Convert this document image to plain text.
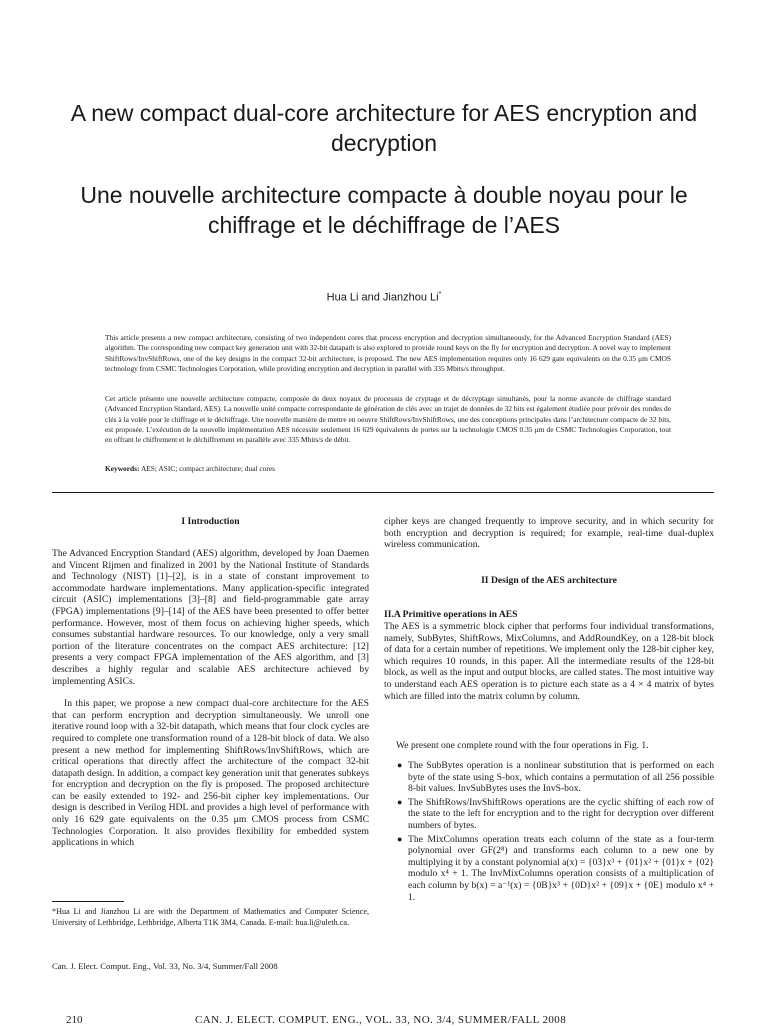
A new compact dual-core architecture for AES encryption and decryption
Une nouvelle architecture compacte à double noyau pour le chiffrage et le déchiffrage de l’AES
Hua Li and Jianzhou Li*
This article presents a new compact architecture, consisting of two independent cores that process encryption and decryption simultaneously, for the Advanced Encryption Standard (AES) algorithm. The corresponding new compact key generation unit with 32-bit datapath is also explored to provide round keys on the fly for encryption and decryption. A novel way to implement ShiftRows/InvShiftRows, one of the key designs in the compact 32-bit architecture, is proposed. The new AES implementation requires only 16 629 gate equivalents on the 0.35 μm CMOS technology from CSMC Technologies Corporation, while providing encryption and decryption in parallel with 335 Mbits/s throughput.
Cet article présente une nouvelle architecture compacte, composée de deux noyaux de processus de cryptage et de décryptage simultanés, pour la norme avancée de chiffrage standard (Advanced Encryption Standard, AES). La nouvelle unité compacte correspondante de génération de clés avec un trajet de données de 32 bits est également étudiée pour prévoir des rondes de clés à la volée pour le chiffrage et le déchiffrage. Une nouvelle manière de mettre en oeuvre ShiftRows/InvShiftRows, une des conceptions principales dans l’architecture compacte de 32 bits, est proposée. L’exécution de la nouvelle implémentation AES nécessite seulement 16 629 équivalents de portes sur la technologie CMOS 0.35 μm de CSMC Technologies Corporation, tout en offrant le chiffrement et le déchiffrement en parallèle avec 335 Mbits/s de débit.
Keywords: AES; ASIC; compact architecture; dual cores
I Introduction

The Advanced Encryption Standard (AES) algorithm, developed by Joan Daemen and Vincent Rijmen and finalized in 2001 by the National Institute of Standards and Technology (NIST) [1]–[2], is in a state of constant improvement to accommodate hardware implementations. Many application-specific integrated circuit (ASIC) implementations [3]–[8] and field-programmable gate array (FPGA) implementations [9]–[14] of the AES have been presented to offer better performance. However, most of them focus on achieving higher speeds, which consumes substantial hardware resources. To our knowledge, only a very small portion of the literature concentrates on the compact AES architecture: [12] presents a very compact FPGA implementation of the AES algorithm, and [3] describes a highly regular and scalable AES architecture achieved by implementing ASICs.

In this paper, we propose a new compact dual-core architecture for the AES that can perform encryption and decryption simultaneously. We unroll one iterative round loop with a 32-bit datapath, which means that four clock cycles are required to complete one transformation round of a 128-bit block of data. We also present a new method for implementing ShiftRows/InvShiftRows, which are critical operations that directly affect the architecture of the compact 32-bit datapath design. In addition, a compact key generation unit that generates subkeys for encryption and decryption on the fly is proposed. The proposed architecture can be easily extended to 192- and 256-bit cipher key implementations. Our design is described in Verilog HDL and provides a high level of performance with only 16 629 gate equivalents on the 0.35 μm CMOS process from CSMC Technologies Corporation. It also provides flexibility for embedded system applications in which

cipher keys are changed frequently to improve security, and in which security for both encryption and decryption is required; for example, real-time dual-duplex wireless communication.
II Design of the AES architecture
II.A Primitive operations in AES
The AES is a symmetric block cipher that performs four individual transformations, namely, SubBytes, ShiftRows, MixColumns, and AddRoundKey, on a 128-bit block of data for a certain number of repetitions. We implement only the 128-bit cipher key, which requires 10 rounds, in this paper. All the intermediate results of the 128-bit block, as well as the input and output blocks, are called states. The most intuitive way to understand each AES operation is to picture each state as a 4 × 4 matrix of bytes which are filled into the matrix column by column.
We present one complete round with the four operations in Fig. 1.
● The SubBytes operation is a nonlinear substitution that is performed on each byte of the state using S-box, which contains a permutation of all 256 possible 8-bit values. InvSubBytes uses the InvS-box.
● The ShiftRows/InvShiftRows operations are the cyclic shifting of each row of the state to the left for encryption and to the right for decryption over different numbers of bytes.
● The MixColumns operation treats each column of the state as a four-term polynomial over GF(2⁸) and transforms each column to a new one by multiplying it by a constant polynomial a(x) = {03}x³ + {01}x² + {01}x + {02} modulo x⁴ + 1. The InvMixColumns operation consists of a multiplication of each column by b(x) = a⁻¹(x) = {0B}x³ + {0D}x² + {09}x + {0E} modulo x⁴ + 1.
*Hua Li and Jianzhou Li are with the Department of Mathematics and Computer Science, University of Lethbridge, Lethbridge, Alberta T1K 3M4, Canada. E-mail: hua.li@uleth.ca.
Can. J. Elect. Comput. Eng., Vol. 33, No. 3/4, Summer/Fall 2008
210	CAN. J. ELECT. COMPUT. ENG., VOL. 33, NO. 3/4, SUMMER/FALL 2008
